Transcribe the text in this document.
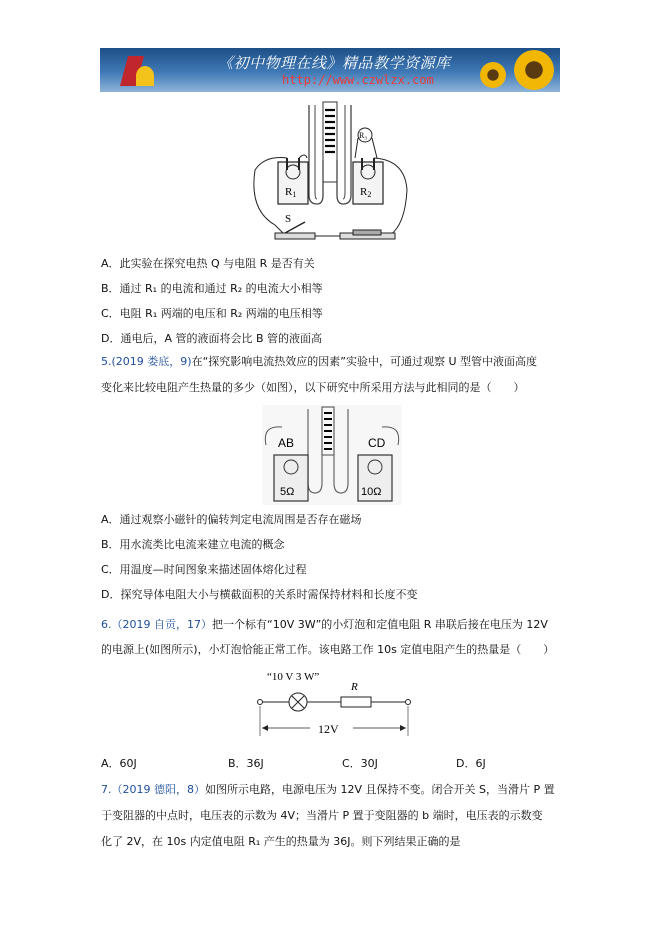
《初中物理在线》精品教学资源库
http://www.czwlzx.com
R1	R2
R₃
S
A．此实验在探究电热 Q 与电阻 R 是否有关
B．通过 R₁ 的电流和通过 R₂ 的电流大小相等
C．电阻 R₁ 两端的电压和 R₂ 两端的电压相等
D．通电后，A 管的液面将会比 B 管的液面高
5.(2019 娄底，9)在“探究影响电流热效应的因素”实验中，可通过观察 U 型管中液面高度
变化来比较电阻产生热量的多少（如图），以下研究中所采用方法与此相同的是（　　）
AB	CD
5Ω	10Ω
A．通过观察小磁针的偏转判定电流周围是否存在磁场
B．用水流类比电流来建立电流的概念
C．用温度—时间图象来描述固体熔化过程
D．探究导体电阻大小与横截面积的关系时需保持材料和长度不变
6.（2019 自贡，17）把一个标有“10V 3W”的小灯泡和定值电阻 R 串联后接在电压为 12V
的电源上(如图所示)，小灯泡恰能正常工作。该电路工作 10s 定值电阻产生的热量是（　　）
“10 V 3 W”
R
12V
A．60J	B．36J	C．30J	D．6J
7.（2019 德阳，8）如图所示电路，电源电压为 12V 且保持不变。闭合开关 S，当滑片 P 置
于变阻器的中点时，电压表的示数为 4V；当滑片 P 置于变阻器的 b 端时，电压表的示数变
化了 2V，在 10s 内定值电阻 R₁ 产生的热量为 36J。则下列结果正确的是
